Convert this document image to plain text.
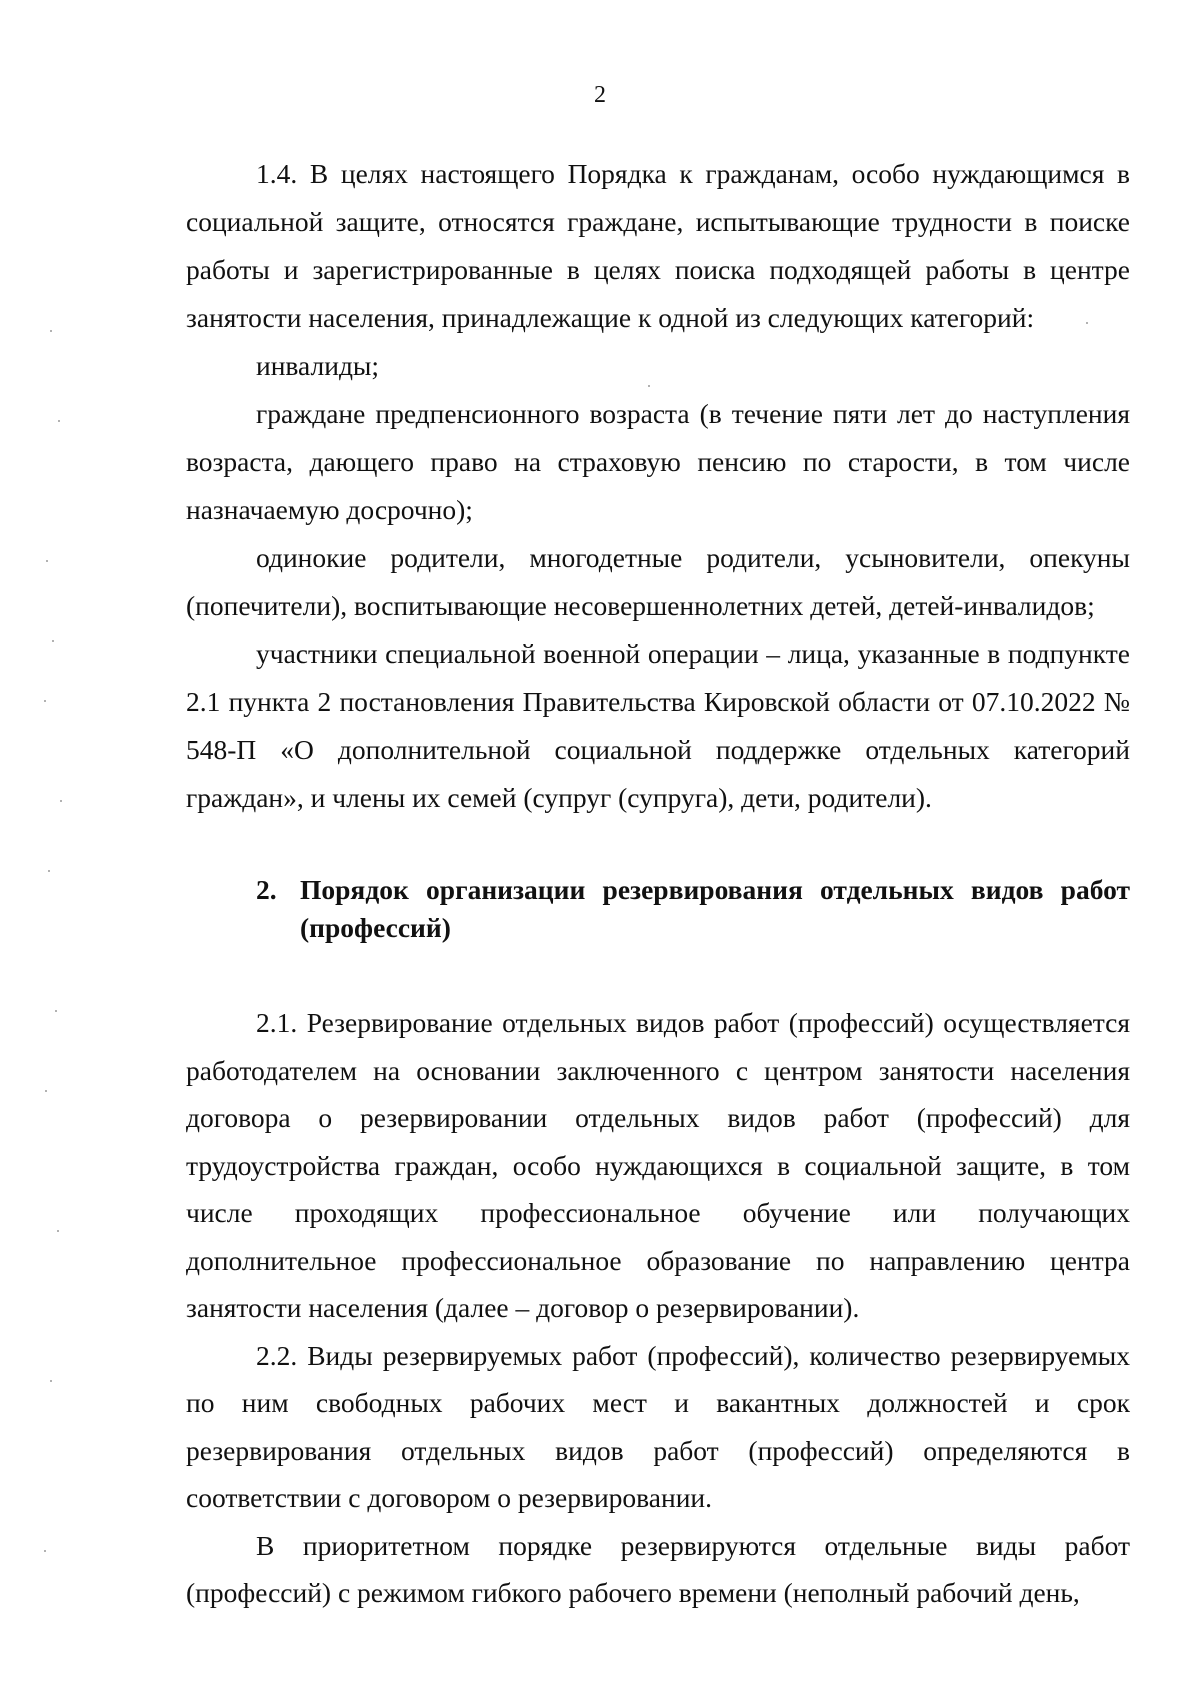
2

1.4. В целях настоящего Порядка к гражданам, особо нуждающимся в социальной защите, относятся граждане, испытывающие трудности в поиске работы и зарегистрированные в целях поиска подходящей работы в центре занятости населения, принадлежащие к одной из следующих категорий:

инвалиды;

граждане предпенсионного возраста (в течение пяти лет до наступления возраста, дающего право на страховую пенсию по старости, в том числе назначаемую досрочно);

одинокие родители, многодетные родители, усыновители, опекуны (попечители), воспитывающие несовершеннолетних детей, детей-инвалидов;

участники специальной военной операции – лица, указанные в подпункте 2.1 пункта 2 постановления Правительства Кировской области от 07.10.2022 № 548-П «О дополнительной социальной поддержке отдельных категорий граждан», и члены их семей (супруг (супруга), дети, родители).

2. Порядок организации резервирования отдельных видов работ (профессий)

2.1. Резервирование отдельных видов работ (профессий) осуществляется работодателем на основании заключенного с центром занятости населения договора о резервировании отдельных видов работ (профессий) для трудоустройства граждан, особо нуждающихся в социальной защите, в том числе проходящих профессиональное обучение или получающих дополнительное профессиональное образование по направлению центра занятости населения (далее – договор о резервировании).

2.2. Виды резервируемых работ (профессий), количество резервируемых по ним свободных рабочих мест и вакантных должностей и срок резервирования отдельных видов работ (профессий) определяются в соответствии с договором о резервировании.

В приоритетном порядке резервируются отдельные виды работ (профессий) с режимом гибкого рабочего времени (неполный рабочий день,
